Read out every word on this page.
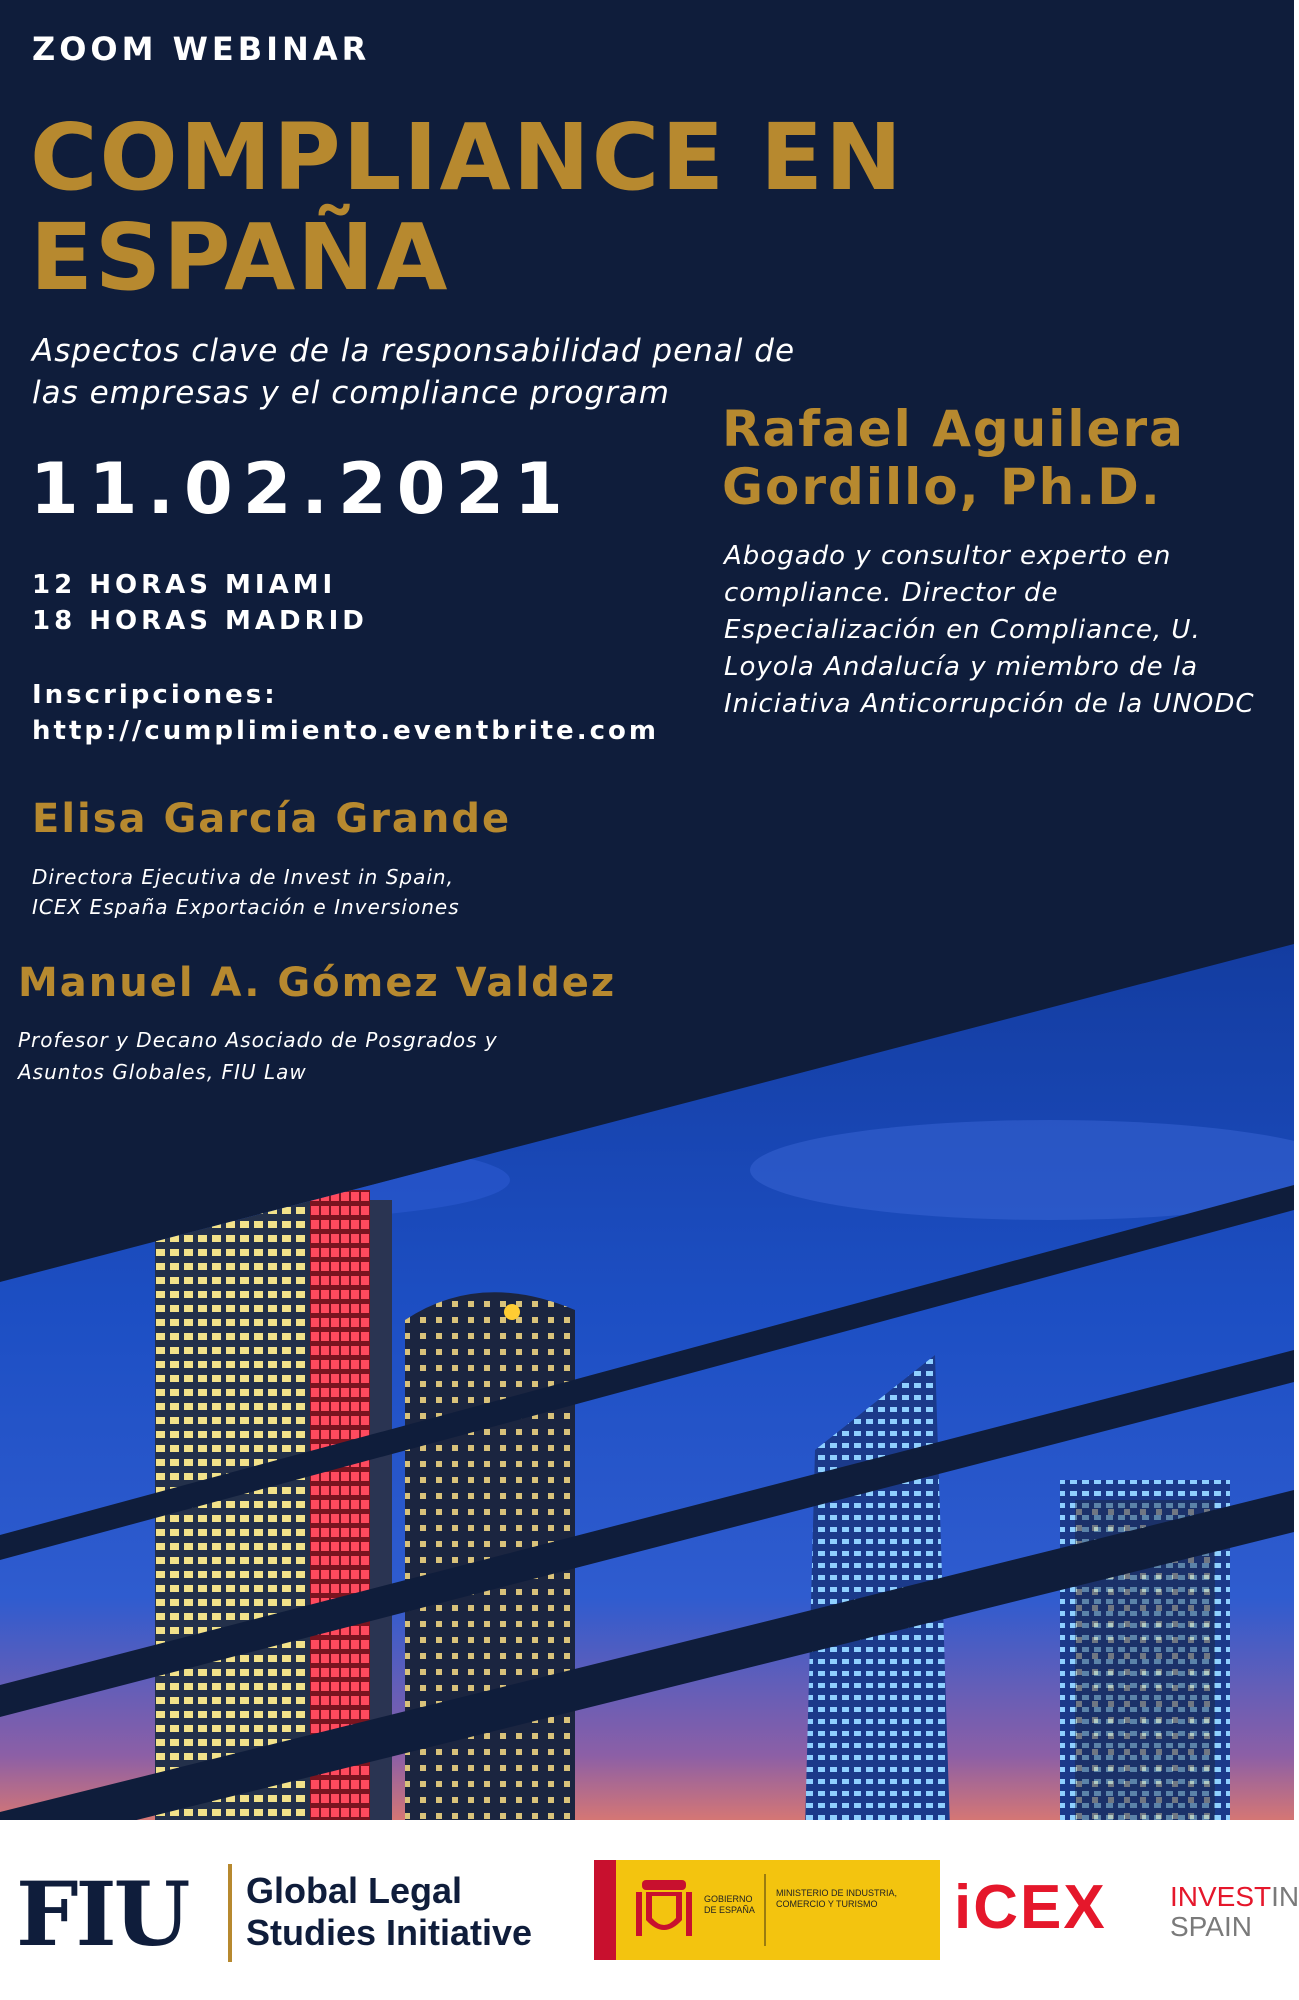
ZOOM WEBINAR
COMPLIANCE EN
ESPAÑA
Aspectos clave de la responsabilidad penal de
las empresas y el compliance program
11.02.2021
12 HORAS MIAMI
18 HORAS MADRID
Inscripciones:
http://cumplimiento.eventbrite.com
Rafael Aguilera
Gordillo, Ph.D.
Abogado y consultor experto en
compliance. Director de
Especialización en Compliance, U.
Loyola Andalucía y miembro de la
Iniciativa Anticorrupción de la UNODC
Elisa García Grande
Directora Ejecutiva de Invest in Spain,
ICEX España Exportación e Inversiones
Manuel A. Gómez Valdez
Profesor y Decano Asociado de Posgrados y
Asuntos Globales, FIU Law
FIU Global Legal
Studies Initiative
GOBIERNO DE ESPAÑA
MINISTERIO DE INDUSTRIA, COMERCIO Y TURISMO	iCEX INVESTIN
SPAIN
